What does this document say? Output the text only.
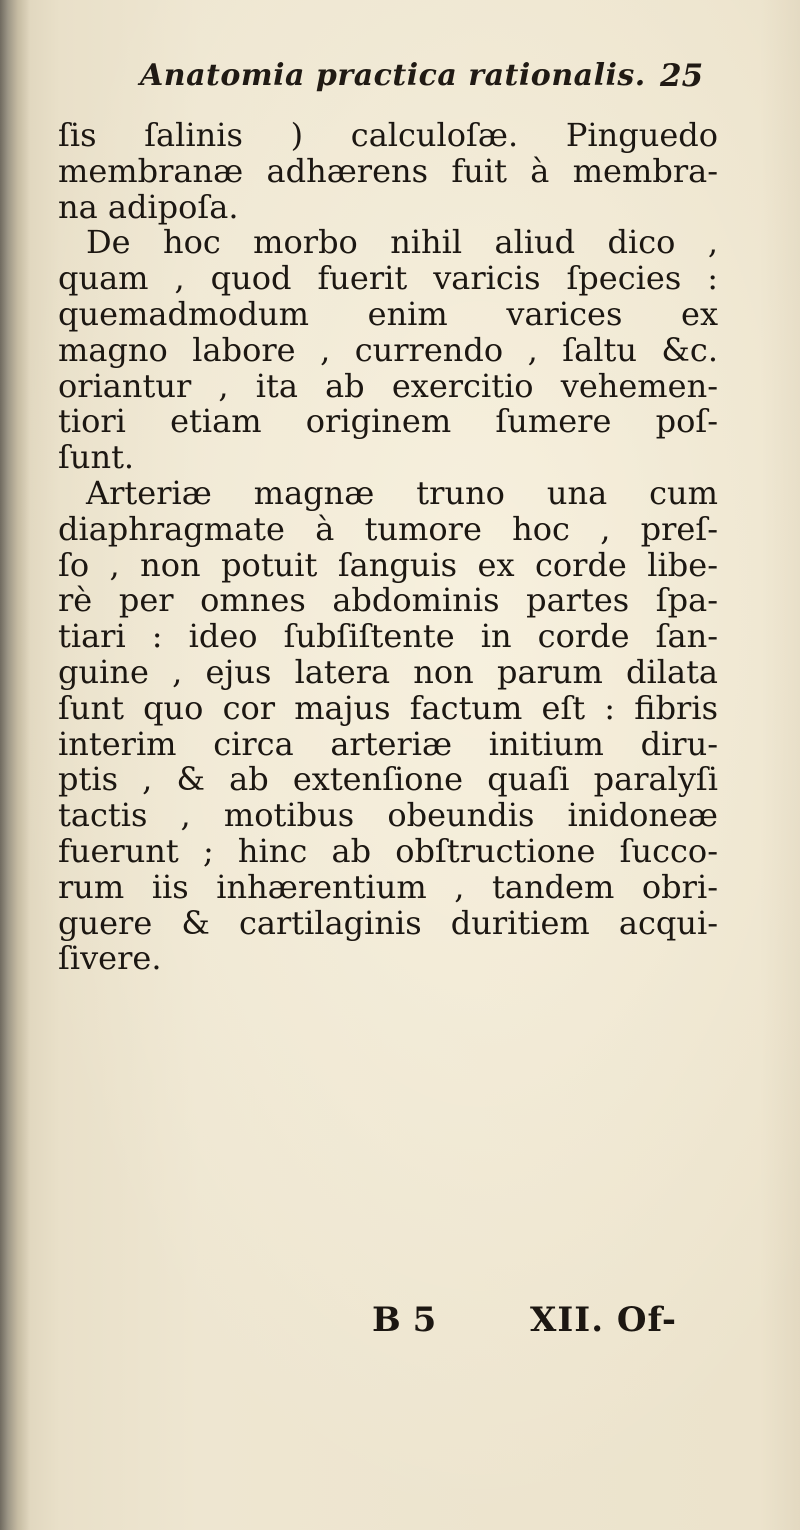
Anatomia practica rationalis. 25
ſis ſalinis ) calculoſæ. Pinguedo
membranæ adhærens fuit à membra-
na adipoſa.
De hoc morbo nihil aliud dico ,
quam , quod fuerit varicis ſpecies :
quemadmodum enim varices ex
magno labore , currendo , ſaltu &c.
oriantur , ita ab exercitio vehemen-
tiori etiam originem ſumere poſ-
ſunt.
Arteriæ magnæ truno una cum
diaphragmate à tumore hoc , preſ-
ſo , non potuit ſanguis ex corde libe-
rè per omnes abdominis partes ſpa-
tiari : ideo ſubſiſtente in corde ſan-
guine , ejus latera non parum dilata
ſunt quo cor majus factum eſt : fibris
interim circa arteriæ initium diru-
ptis , & ab extenſione quaſi paralyſi
tactis , motibus obeundis inidoneæ
fuerunt ; hinc ab obſtructione ſucco-
rum iis inhærentium , tandem obri-
guere & cartilaginis duritiem acqui-
ſivere.
B 5	XII. Of-
